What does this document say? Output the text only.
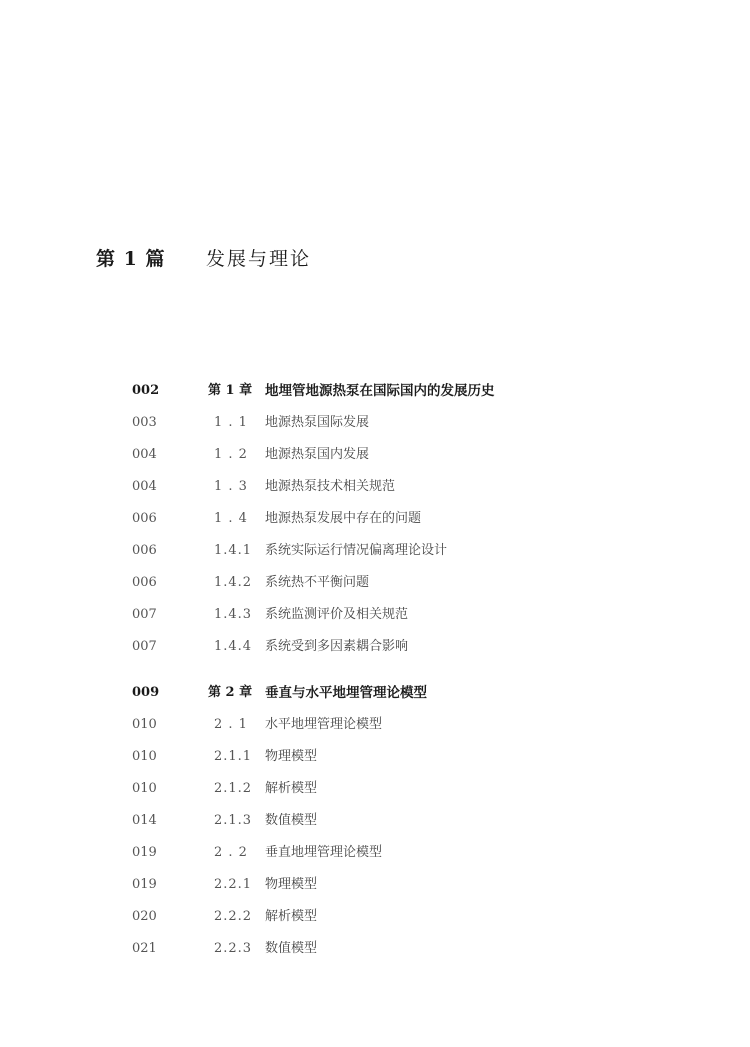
第 1 篇 发展与理论
002	第 1 章 地埋管地源热泵在国际国内的发展历史
003	1 . 1	地源热泵国际发展
004	1 . 2	地源热泵国内发展
004	1 . 3	地源热泵技术相关规范
006	1 . 4	地源热泵发展中存在的问题
006	1.4.1 系统实际运行情况偏离理论设计
006	1.4.2 系统热不平衡问题
007	1.4.3 系统监测评价及相关规范
007	1.4.4 系统受到多因素耦合影响
009	第 2 章 垂直与水平地埋管理论模型
010	2 . 1	水平地埋管理论模型
010	2.1.1 物理模型
010	2.1.2 解析模型
014	2.1.3 数值模型
019	2 . 2	垂直地埋管理论模型
019	2.2.1 物理模型
020	2.2.2 解析模型
021	2.2.3 数值模型
